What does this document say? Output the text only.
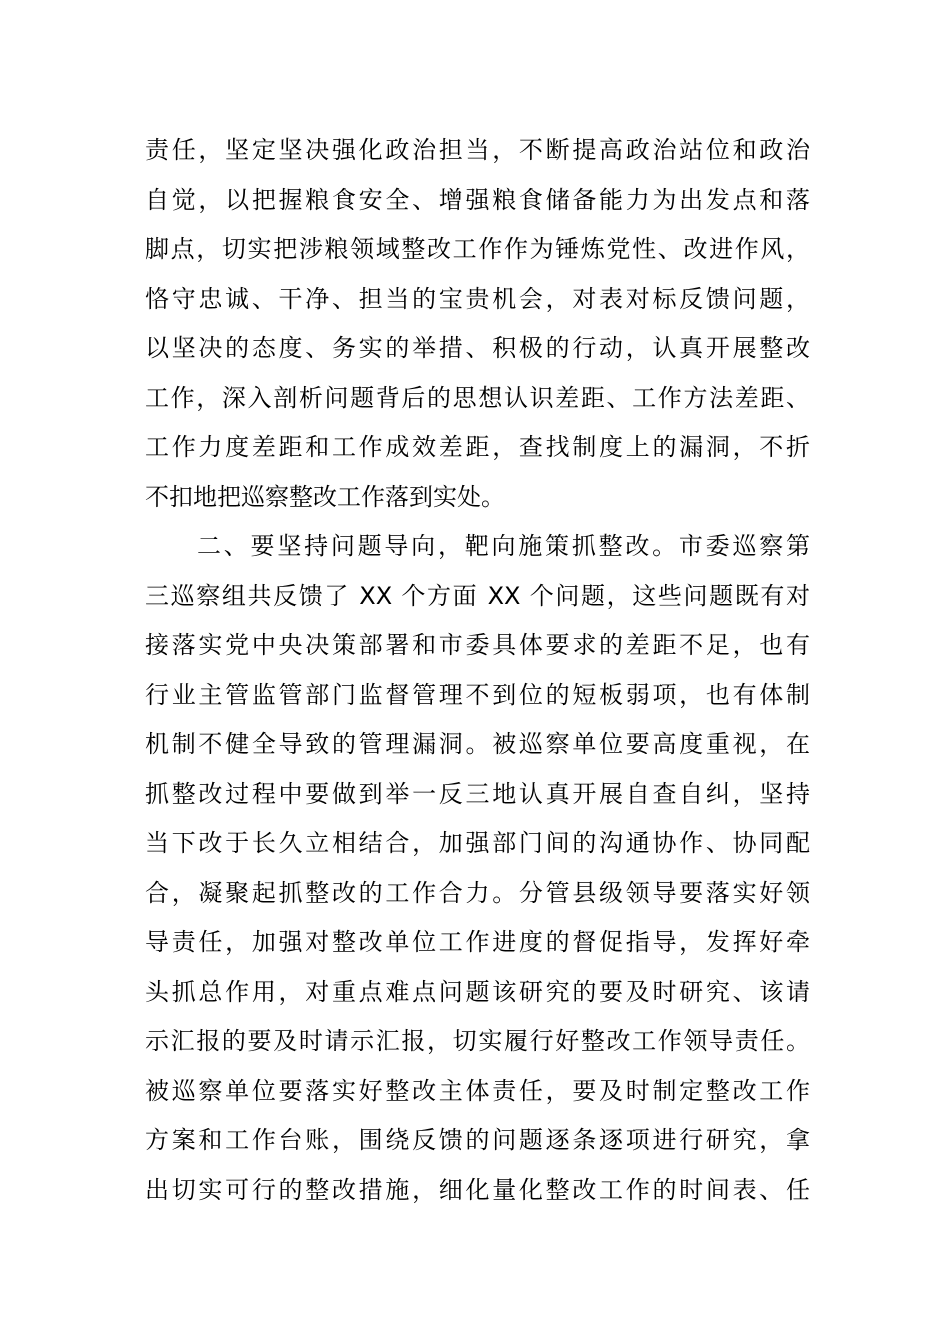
责任，坚定坚决强化政治担当，不断提高政治站位和政治
自觉，以把握粮食安全、增强粮食储备能力为出发点和落
脚点，切实把涉粮领域整改工作作为锤炼党性、改进作风，
恪守忠诚、干净、担当的宝贵机会，对表对标反馈问题，
以坚决的态度、务实的举措、积极的行动，认真开展整改
工作，深入剖析问题背后的思想认识差距、工作方法差距、
工作力度差距和工作成效差距，查找制度上的漏洞，不折
不扣地把巡察整改工作落到实处。
二、要坚持问题导向，靶向施策抓整改。市委巡察第
三巡察组共反馈了 XX 个方面 XX 个问题，这些问题既有对
接落实党中央决策部署和市委具体要求的差距不足，也有
行业主管监管部门监督管理不到位的短板弱项，也有体制
机制不健全导致的管理漏洞。被巡察单位要高度重视，在
抓整改过程中要做到举一反三地认真开展自查自纠，坚持
当下改于长久立相结合，加强部门间的沟通协作、协同配
合，凝聚起抓整改的工作合力。分管县级领导要落实好领
导责任，加强对整改单位工作进度的督促指导，发挥好牵
头抓总作用，对重点难点问题该研究的要及时研究、该请
示汇报的要及时请示汇报，切实履行好整改工作领导责任。
被巡察单位要落实好整改主体责任，要及时制定整改工作
方案和工作台账，围绕反馈的问题逐条逐项进行研究，拿
出切实可行的整改措施，细化量化整改工作的时间表、任
